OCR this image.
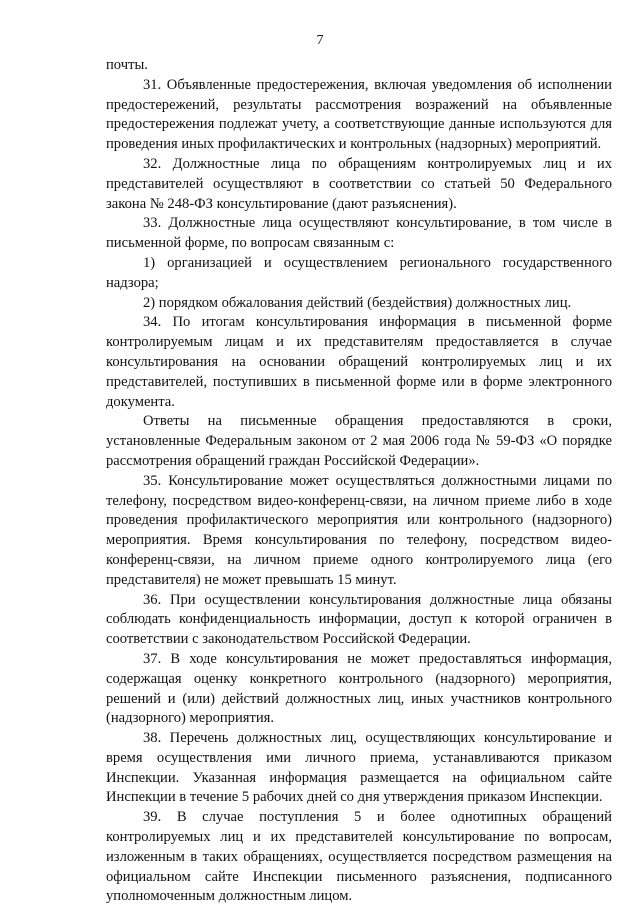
7

почты.

31. Объявленные предостережения, включая уведомления об исполнении предостережений, результаты рассмотрения возражений на объявленные предостережения подлежат учету, а соответствующие данные используются для проведения иных профилактических и контрольных (надзорных) мероприятий.

32. Должностные лица по обращениям контролируемых лиц и их представителей осуществляют в соответствии со статьей 50 Федерального закона № 248-ФЗ консультирование (дают разъяснения).

33. Должностные лица осуществляют консультирование, в том числе в письменной форме, по вопросам связанным с:

1) организацией и осуществлением регионального государственного надзора;

2) порядком обжалования действий (бездействия) должностных лиц.

34. По итогам консультирования информация в письменной форме контролируемым лицам и их представителям предоставляется в случае консультирования на основании обращений контролируемых лиц и их представителей, поступивших в письменной форме или в форме электронного документа.

Ответы на письменные обращения предоставляются в сроки, установленные Федеральным законом от 2 мая 2006 года № 59-ФЗ «О порядке рассмотрения обращений граждан Российской Федерации».

35. Консультирование может осуществляться должностными лицами по телефону, посредством видео-конференц-связи, на личном приеме либо в ходе проведения профилактического мероприятия или контрольного (надзорного) мероприятия. Время консультирования по телефону, посредством видео-конференц-связи, на личном приеме одного контролируемого лица (его представителя) не может превышать 15 минут.

36. При осуществлении консультирования должностные лица обязаны соблюдать конфиденциальность информации, доступ к которой ограничен в соответствии с законодательством Российской Федерации.

37. В ходе консультирования не может предоставляться информация, содержащая оценку конкретного контрольного (надзорного) мероприятия, решений и (или) действий должностных лиц, иных участников контрольного (надзорного) мероприятия.

38. Перечень должностных лиц, осуществляющих консультирование и время осуществления ими личного приема, устанавливаются приказом Инспекции. Указанная информация размещается на официальном сайте Инспекции в течение 5 рабочих дней со дня утверждения приказом Инспекции.

39. В случае поступления 5 и более однотипных обращений контролируемых лиц и их представителей консультирование по вопросам, изложенным в таких обращениях, осуществляется посредством размещения на официальном сайте Инспекции письменного разъяснения, подписанного уполномоченным должностным лицом.
